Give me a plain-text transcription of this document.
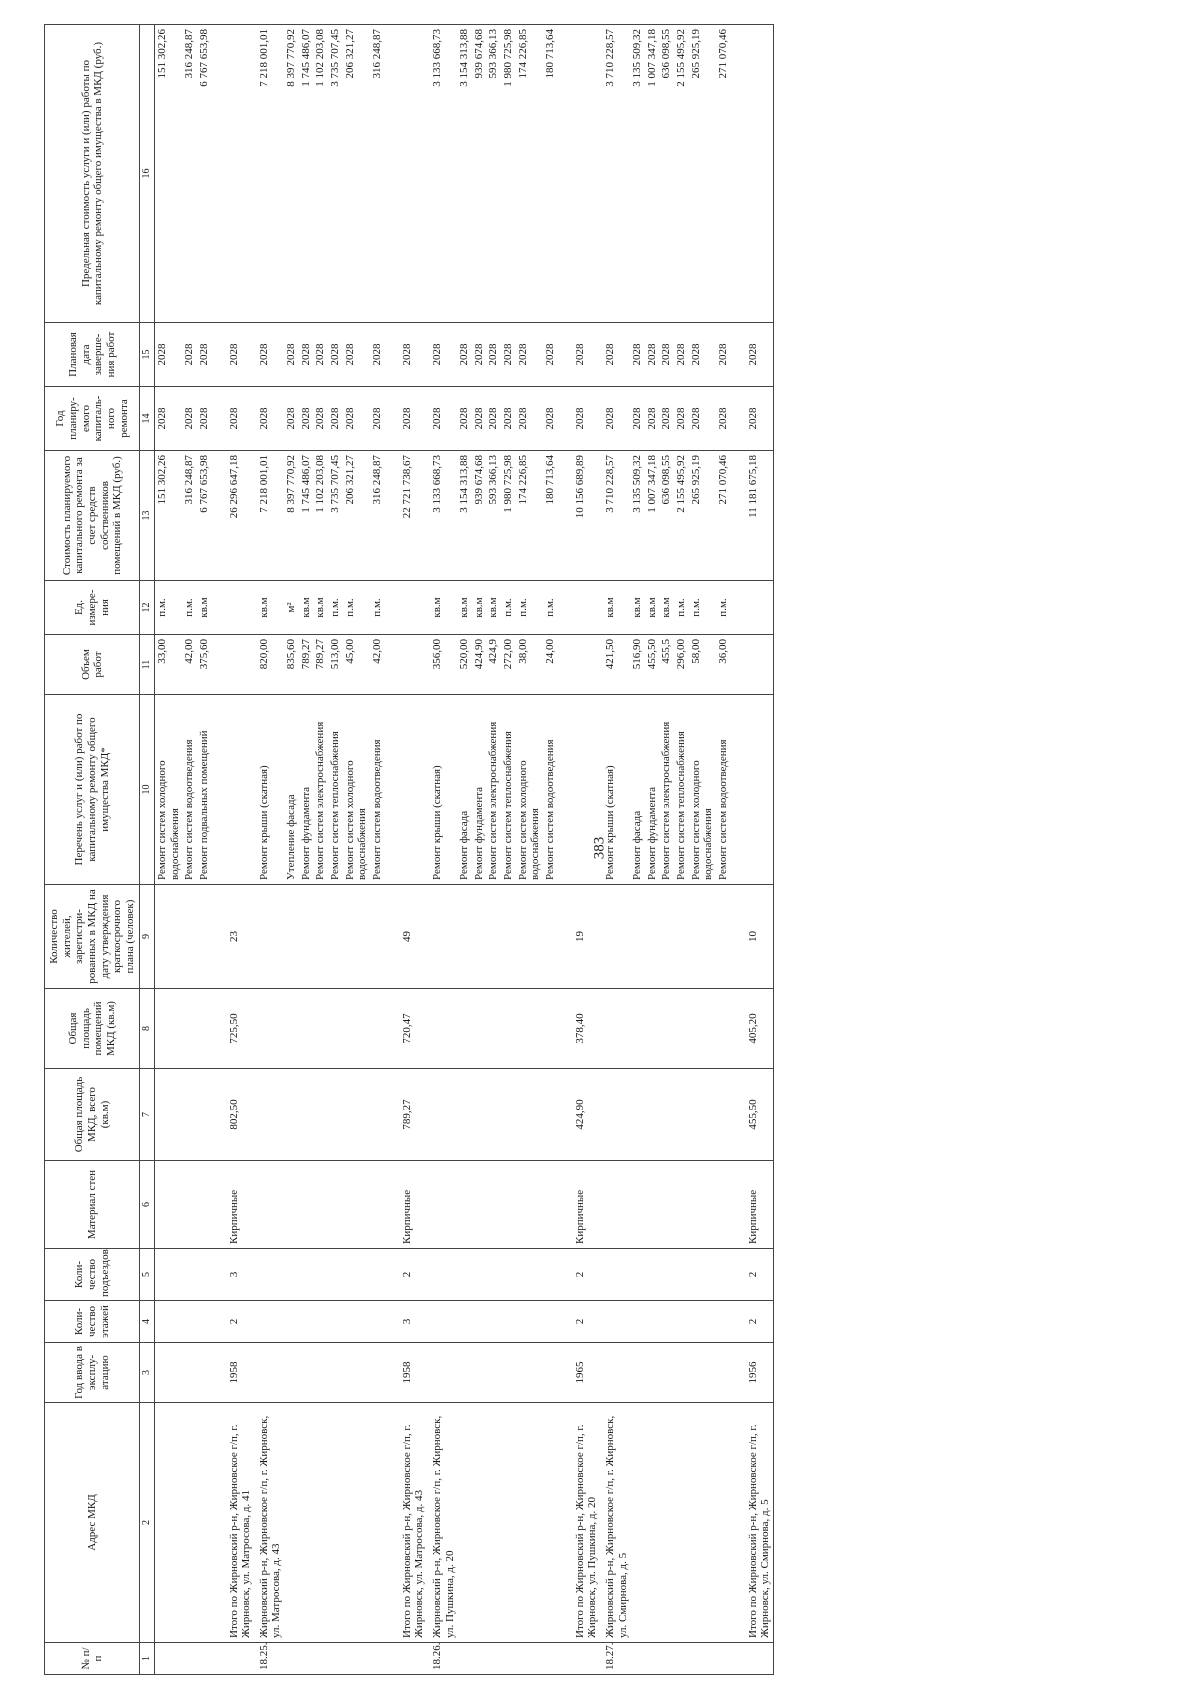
383
№ п/п	Адрес МКД	Год ввода в эксплу-атацию	Коли-чество этажей	Коли-чество подъездов	Материал стен	Общая площадь МКД, всего (кв.м)	Общая площадь помещений МКД (кв.м)	Количество жителей, зарегистри-рованных в МКД на дату утверждения краткосрочного плана (человек)	Перечень услуг и (или) работ по капитальному ремонту общего имущества МКД*	Объем работ	Ед. измере-ния	Стоимость планируемого капитального ремонта за счет средств собственников помещений в МКД (руб.)	Год планиру-емого капиталь-ного ремонта	Плановая дата заверше-ния работ	Предельная стоимость услуги и (или) работы по капитальному ремонту общего имущества в МКД (руб.)
1	2	3	4	5	6	7	8	9	10	11	12	13	14	15	16
									Ремонт систем холодного водоснабжения	33,00	п.м.	151 302,26	2028	2028	151 302,26
									Ремонт систем водоотведения	42,00	п.м.	316 248,87	2028	2028	316 248,87
									Ремонт подвальных помещений	375,60	кв.м	6 767 653,98	2028	2028	6 767 653,98
	Итого по Жирновский р-н, Жирновское г/п, г. Жирновск, ул. Матросова, д. 41	1958	2	3	Кирпичные	802,50	725,50	23				26 296 647,18	2028	2028	
18.25.	Жирновский р-н, Жирновское г/п, г. Жирновск, ул. Матросова, д. 43								Ремонт крыши (скатная)	820,00	кв.м	7 218 001,01	2028	2028	7 218 001,01
									Утепление фасада	835,60	м²	8 397 770,92	2028	2028	8 397 770,92
									Ремонт фундамента	789,27	кв.м	1 745 486,07	2028	2028	1 745 486,07
									Ремонт систем электроснабжения	789,27	кв.м	1 102 203,08	2028	2028	1 102 203,08
									Ремонт систем теплоснабжения	513,00	п.м.	3 735 707,45	2028	2028	3 735 707,45
									Ремонт систем холодного водоснабжения	45,00	п.м.	206 321,27	2028	2028	206 321,27
									Ремонт систем водоотведения	42,00	п.м.	316 248,87	2028	2028	316 248,87
	Итого по Жирновский р-н, Жирновское г/п, г. Жирновск, ул. Матросова, д. 43	1958	3	2	Кирпичные	789,27	720,47	49				22 721 738,67	2028	2028	
18.26.	Жирновский р-н, Жирновское г/п, г. Жирновск, ул. Пушкина, д. 20								Ремонт крыши (скатная)	356,00	кв.м	3 133 668,73	2028	2028	3 133 668,73
									Ремонт фасада	520,00	кв.м	3 154 313,88	2028	2028	3 154 313,88
									Ремонт фундамента	424,90	кв.м	939 674,68	2028	2028	939 674,68
									Ремонт систем электроснабжения	424,9	кв.м	593 366,13	2028	2028	593 366,13
									Ремонт систем теплоснабжения	272,00	п.м.	1 980 725,98	2028	2028	1 980 725,98
									Ремонт систем холодного водоснабжения	38,00	п.м.	174 226,85	2028	2028	174 226,85
									Ремонт систем водоотведения	24,00	п.м.	180 713,64	2028	2028	180 713,64
	Итого по Жирновский р-н, Жирновское г/п, г. Жирновск, ул. Пушкина, д. 20	1965	2	2	Кирпичные	424,90	378,40	19				10 156 689,89	2028	2028	
18.27.	Жирновский р-н, Жирновское г/п, г. Жирновск, ул. Смирнова, д. 5								Ремонт крыши (скатная)	421,50	кв.м	3 710 228,57	2028	2028	3 710 228,57
									Ремонт фасада	516,90	кв.м	3 135 509,32	2028	2028	3 135 509,32
									Ремонт фундамента	455,50	кв.м	1 007 347,18	2028	2028	1 007 347,18
									Ремонт систем электроснабжения	455,5	кв.м	636 098,55	2028	2028	636 098,55
									Ремонт систем теплоснабжения	296,00	п.м.	2 155 495,92	2028	2028	2 155 495,92
									Ремонт систем холодного водоснабжения	58,00	п.м.	265 925,19	2028	2028	265 925,19
									Ремонт систем водоотведения	36,00	п.м.	271 070,46	2028	2028	271 070,46
	Итого по Жирновский р-н, Жирновское г/п, г. Жирновск, ул. Смирнова, д. 5	1956	2	2	Кирпичные	455,50	405,20	10				11 181 675,18	2028	2028	
